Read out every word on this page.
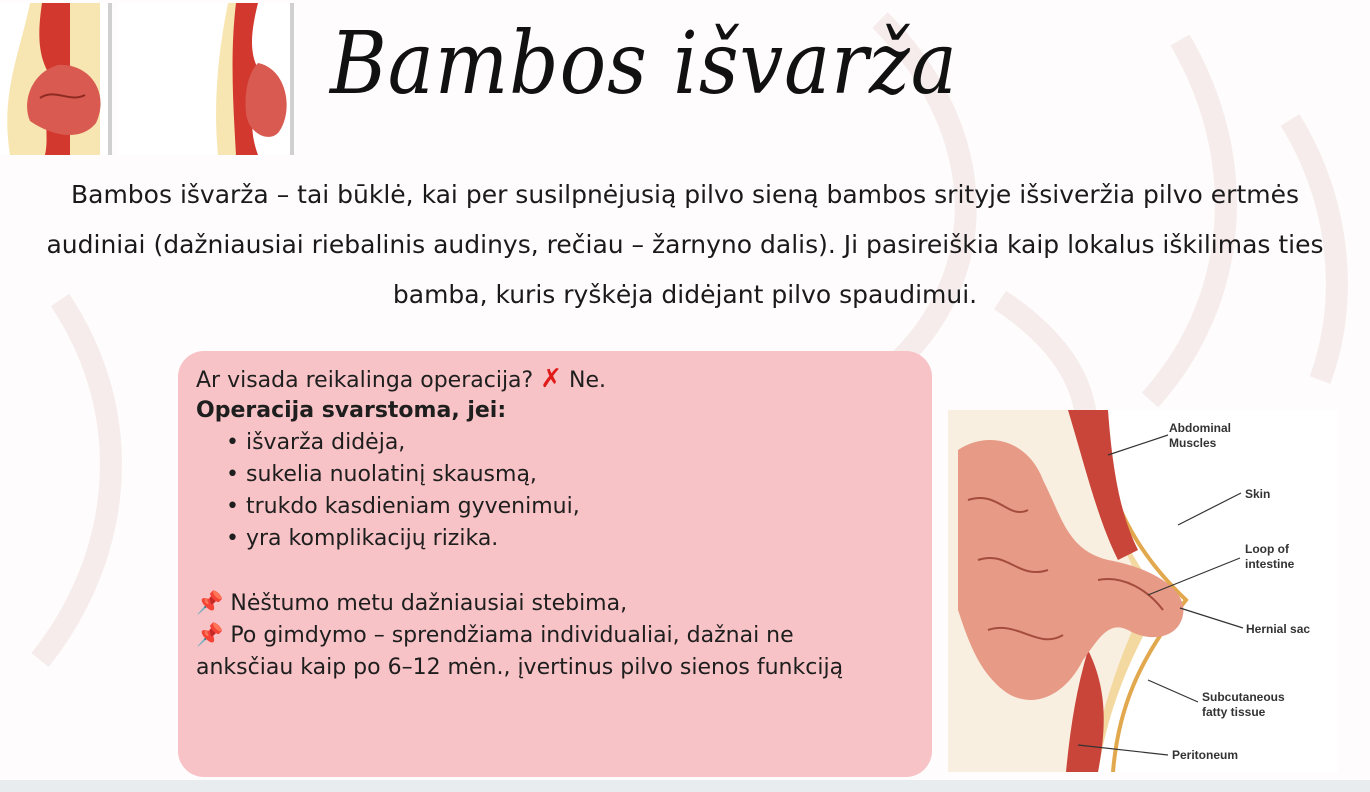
Bambos išvarža
Bambos išvarža – tai būklė, kai per susilpnėjusią pilvo sieną bambos srityje išsiveržia pilvo ertmės audiniai (dažniausiai riebalinis audinys, rečiau – žarnyno dalis). Ji pasireiškia kaip lokalus iškilimas ties bamba, kuris ryškėja didėjant pilvo spaudimui.
Ar visada reikalinga operacija? ✗ Ne.
Operacija svarstoma, jei:
• išvarža didėja,
• sukelia nuolatinį skausmą,
• trukdo kasdieniam gyvenimui,
• yra komplikacijų rizika.
📌 Nėštumo metu dažniausiai stebima,
📌 Po gimdymo – sprendžiama individualiai, dažnai ne
anksčiau kaip po 6–12 mėn., įvertinus pilvo sienos funkciją
Abdominal
Muscles
Skin
Loop of
intestine
Hernial sac
Subcutaneous
fatty tissue
Peritoneum
